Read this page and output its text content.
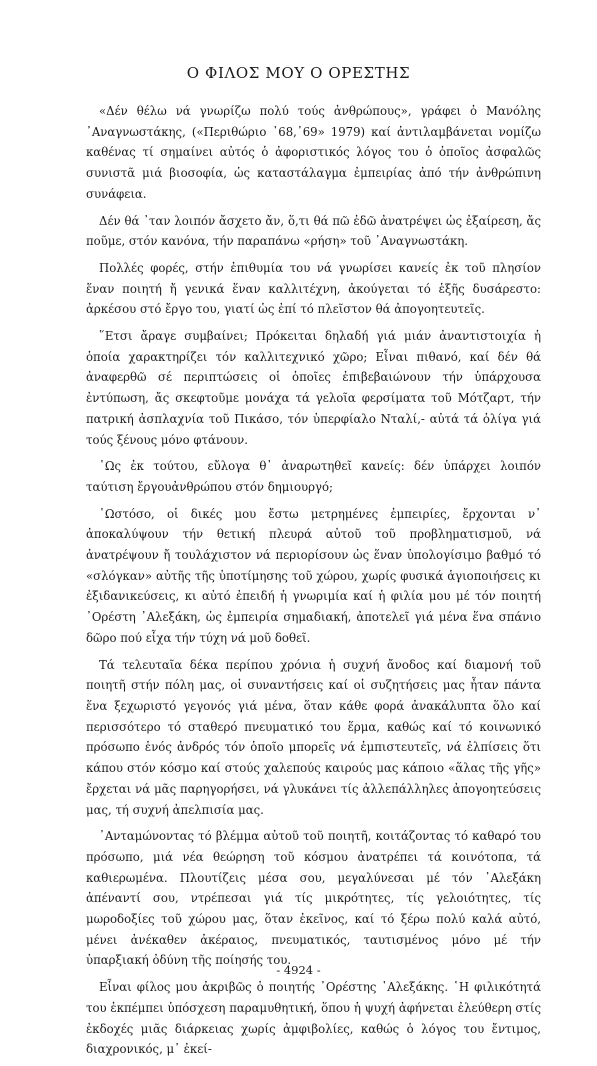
Ο ΦΙΛΟΣ ΜΟΥ Ο ΟΡΕΣΤΗΣ

«Δέν θέλω νά γνωρίζω πολύ τούς ἀνθρώπους», γράφει ὁ Μανόλης ᾿Αναγνωστάκης, («Περιθώριο ᾿68,᾿69» 1979) καί ἀντιλαμβάνεται νομίζω καθένας τί σημαίνει αὐτός ὁ ἀφοριστικός λόγος του ὁ ὁποῖος ἀσφαλῶς συνιστᾶ μιά βιοσοφία, ὡς καταστάλαγμα ἐμπειρίας ἀπό τήν ἀνθρώπινη συνάφεια.

Δέν θά ᾿ταν λοιπόν ἄσχετο ἄν, ὅ,τι θά πῶ ἐδῶ ἀνατρέψει ὡς ἐξαίρεση, ἄς ποῦμε, στόν κανόνα, τήν παραπάνω «ρήση» τοῦ ᾿Αναγνωστάκη.

Πολλές φορές, στήν ἐπιθυμία του νά γνωρίσει κανείς ἐκ τοῦ πλησίον ἕναν ποιητή ἤ γενικά ἕναν καλλιτέχνη, ἀκούγεται τό ἑξῆς δυσάρεστο: ἀρκέσου στό ἔργο του, γιατί ὡς ἐπί τό πλεῖστον θά ἀπογοητευτεῖς.

῞Ετσι ἄραγε συμβαίνει; Πρόκειται δηλαδή γιά μιάν ἀναντιστοιχία ἡ ὁποία χαρακτηρίζει τόν καλλιτεχνικό χῶρο; Εἶναι πιθανό, καί δέν θά ἀναφερθῶ σέ περιπτώσεις οἱ ὁποῖες ἐπιβεβαιώνουν τήν ὑπάρχουσα ἐντύπωση, ἄς σκεφτοῦμε μονάχα τά γελοῖα φερσίματα τοῦ Μότζαρτ, τήν πατρική ἀσπλαχνία τοῦ Πικάσο, τόν ὑπερφίαλο Νταλί,- αὐτά τά ὀλίγα γιά τούς ξένους μόνο φτάνουν.

῾Ως ἐκ τούτου, εὔλογα θ᾿ ἀναρωτηθεῖ κανείς: δέν ὑπάρχει λοιπόν ταύτιση ἔργουἀνθρώπου στόν δημιουργό;

῾Ωστόσο, οἱ δικές μου ἔστω μετρημένες ἐμπειρίες, ἔρχονται ν᾿ ἀποκαλύψουν τήν θετική πλευρά αὐτοῦ τοῦ προβληματισμοῦ, νά ἀνατρέψουν ἤ τουλάχιστον νά περιορίσουν ὡς ἕναν ὑπολογίσιμο βαθμό τό «σλόγκαν» αὐτῆς τῆς ὑποτίμησης τοῦ χώρου, χωρίς φυσικά ἁγιοποιήσεις κι ἐξιδανικεύσεις, κι αὐτό ἐπειδή ἡ γνωριμία καί ἡ φιλία μου μέ τόν ποιητή ᾿Ορέστη ᾿Αλεξάκη, ὡς ἐμπειρία σημαδιακή, ἀποτελεῖ γιά μένα ἕνα σπάνιο δῶρο πού εἶχα τήν τύχη νά μοῦ δοθεῖ.

Τά τελευταῖα δέκα περίπου χρόνια ἡ συχνή ἄνοδος καί διαμονή τοῦ ποιητῆ στήν πόλη μας, οἱ συναντήσεις καί οἱ συζητήσεις μας ἦταν πάντα ἕνα ξεχωριστό γεγονός γιά μένα, ὅταν κάθε φορά ἀνακάλυπτα ὅλο καί περισσότερο τό σταθερό πνευματικό του ἕρμα, καθώς καί τό κοινωνικό πρόσωπο ἑνός ἀνδρός τόν ὁποῖο μπορεῖς νά ἐμπιστευτεῖς, νά ἐλπίσεις ὅτι κάπου στόν κόσμο καί στούς χαλεπούς καιρούς μας κάποιο «ἅλας τῆς γῆς» ἔρχεται νά μᾶς παρηγορήσει, νά γλυκάνει τίς ἀλλεπάλληλες ἀπογοητεύσεις μας, τή συχνή ἀπελπισία μας.

᾿Ανταμώνοντας τό βλέμμα αὐτοῦ τοῦ ποιητῆ, κοιτάζοντας τό καθαρό του πρόσωπο, μιά νέα θεώρηση τοῦ κόσμου ἀνατρέπει τά κοινότοπα, τά καθιερωμένα. Πλουτίζεις μέσα σου, μεγαλύνεσαι μέ τόν ᾿Αλεξάκη ἀπέναντί σου, ντρέπεσαι γιά τίς μικρότητες, τίς γελοιότητες, τίς μωροδοξίες τοῦ χώρου μας, ὅταν ἐκεῖνος, καί τό ξέρω πολύ καλά αὐτό, μένει ἀνέκαθεν ἀκέραιος, πνευματικός, ταυτισμένος μόνο μέ τήν ὑπαρξιακή ὀδύνη τῆς ποίησής του.

Εἶναι φίλος μου ἀκριβῶς ὁ ποιητής ᾿Ορέστης ᾿Αλεξάκης. ῾Η φιλικότητά του ἐκπέμπει ὑπόσχεση παραμυθητική, ὅπου ἡ ψυχή ἀφήνεται ἐλεύθερη στίς ἐκδοχές μιᾶς διάρκειας χωρίς ἀμφιβολίες, καθώς ὁ λόγος του ἔντιμος, διαχρονικός, μ᾿ ἐκεί-

- 4924 -
